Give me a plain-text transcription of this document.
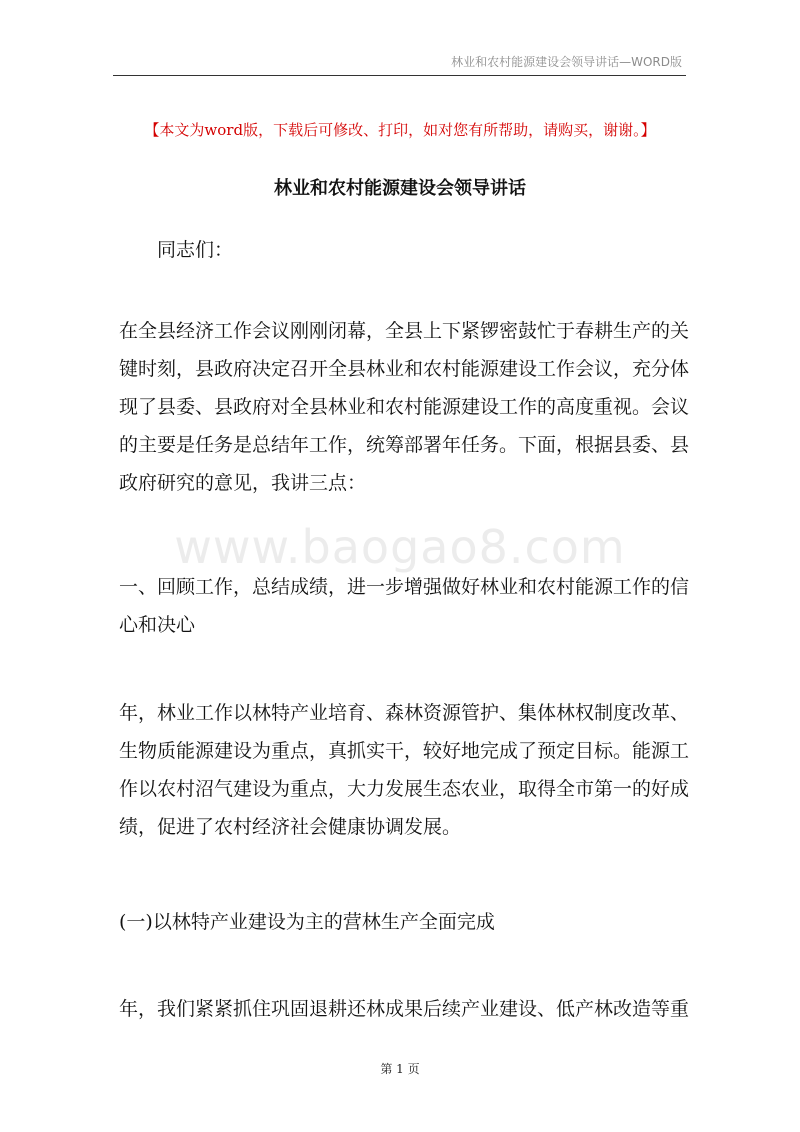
林业和农村能源建设会领导讲话—WORD版
www.baogao8.com
【本文为word版，下载后可修改、打印，如对您有所帮助，请购买，谢谢。】
林业和农村能源建设会领导讲话
同志们：
在全县经济工作会议刚刚闭幕，全县上下紧锣密鼓忙于春耕生产的关
键时刻，县政府决定召开全县林业和农村能源建设工作会议，充分体
现了县委、县政府对全县林业和农村能源建设工作的高度重视。会议
的主要是任务是总结年工作，统筹部署年任务。下面，根据县委、县
政府研究的意见，我讲三点：
一、回顾工作，总结成绩，进一步增强做好林业和农村能源工作的信
心和决心
年，林业工作以林特产业培育、森林资源管护、集体林权制度改革、
生物质能源建设为重点，真抓实干，较好地完成了预定目标。能源工
作以农村沼气建设为重点，大力发展生态农业，取得全市第一的好成
绩，促进了农村经济社会健康协调发展。
(一)以林特产业建设为主的营林生产全面完成
年，我们紧紧抓住巩固退耕还林成果后续产业建设、低产林改造等重
第 1 页
